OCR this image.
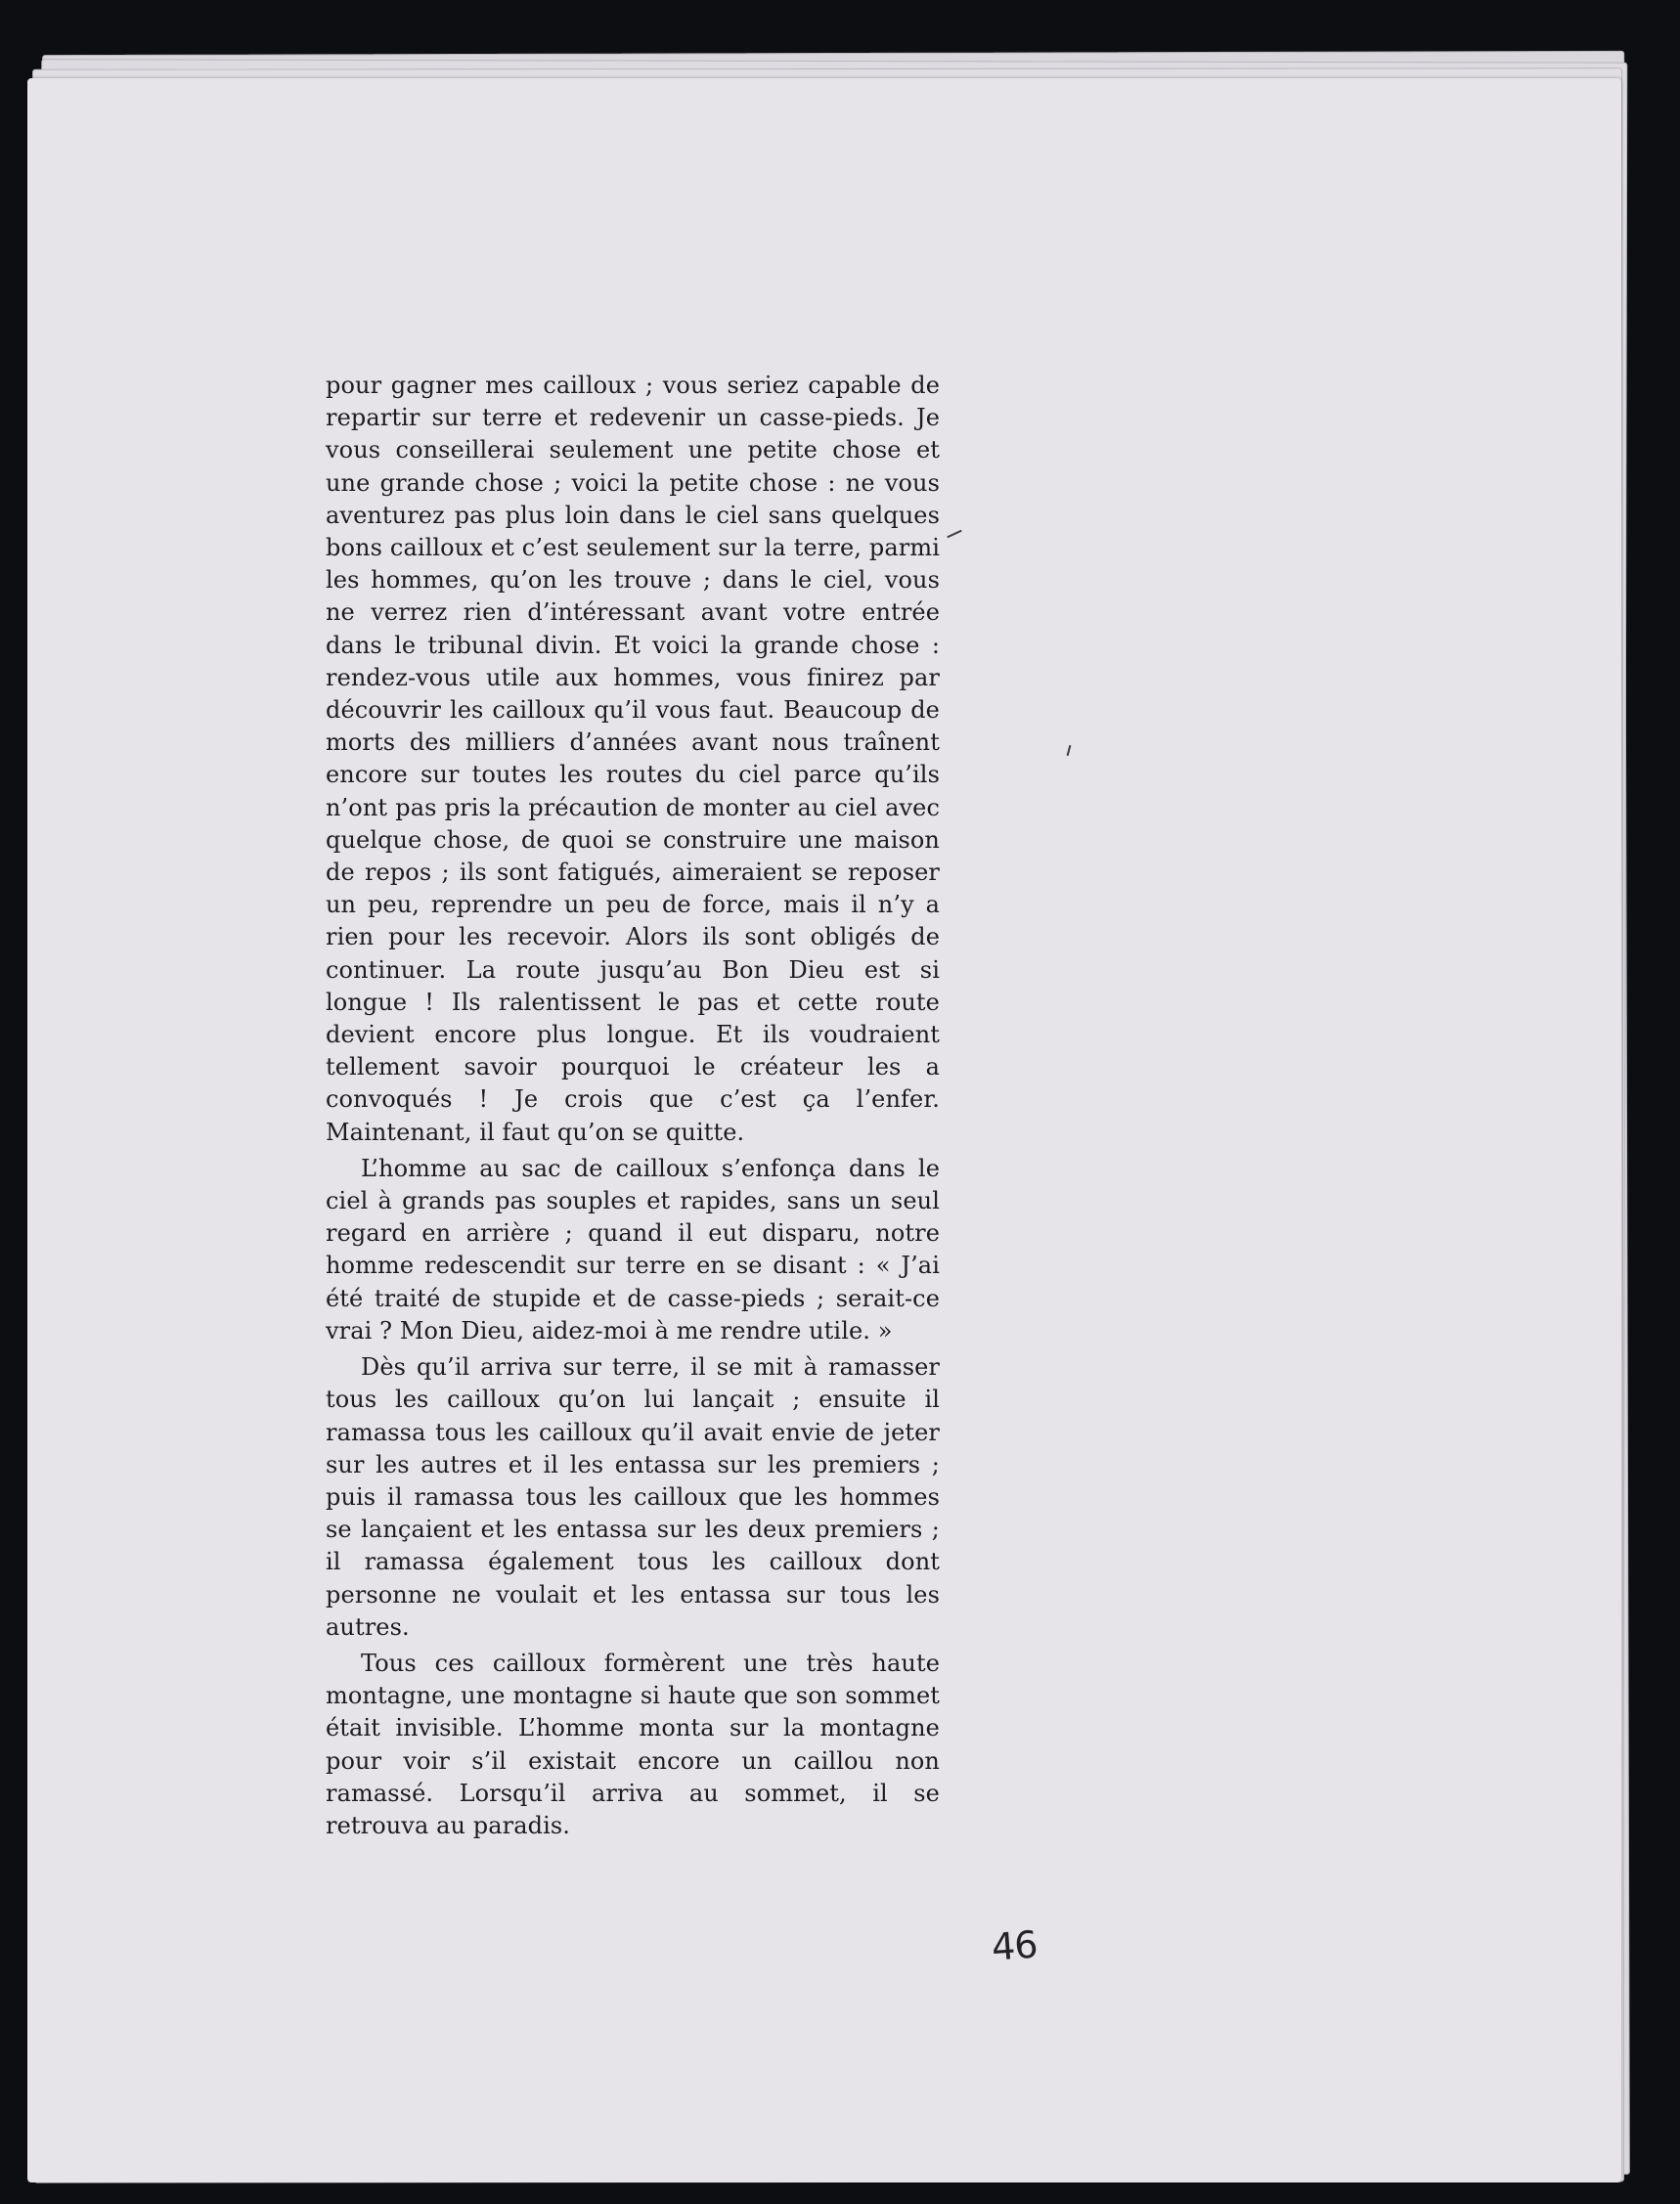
pour gagner mes cailloux ; vous seriez capable de repartir sur terre et redevenir un casse-pieds. Je vous conseillerai seulement une petite chose et une grande chose ; voici la petite chose : ne vous aventurez pas plus loin dans le ciel sans quelques bons cailloux et c’est seulement sur la terre, parmi les hommes, qu’on les trouve ; dans le ciel, vous ne verrez rien d’intéressant avant votre entrée dans le tribunal divin. Et voici la grande chose : rendez-vous utile aux hommes, vous finirez par découvrir les cailloux qu’il vous faut. Beaucoup de morts des milliers d’années avant nous traînent encore sur toutes les routes du ciel parce qu’ils n’ont pas pris la précaution de monter au ciel avec quelque chose, de quoi se construire une maison de repos ; ils sont fatigués, aimeraient se reposer un peu, reprendre un peu de force, mais il n’y a rien pour les recevoir. Alors ils sont obligés de continuer. La route jusqu’au Bon Dieu est si longue ! Ils ralentissent le pas et cette route devient encore plus longue. Et ils voudraient tellement savoir pourquoi le créateur les a convoqués ! Je crois que c’est ça l’enfer. Maintenant, il faut qu’on se quitte.

L’homme au sac de cailloux s’enfonça dans le ciel à grands pas souples et rapides, sans un seul regard en arrière ; quand il eut disparu, notre homme redescendit sur terre en se disant : « J’ai été traité de stupide et de casse-pieds ; serait-ce vrai ? Mon Dieu, aidez-moi à me rendre utile. »

Dès qu’il arriva sur terre, il se mit à ramasser tous les cailloux qu’on lui lançait ; ensuite il ramassa tous les cailloux qu’il avait envie de jeter sur les autres et il les entassa sur les premiers ; puis il ramassa tous les cailloux que les hommes se lançaient et les entassa sur les deux premiers ; il ramassa également tous les cailloux dont personne ne voulait et les entassa sur tous les autres.

Tous ces cailloux formèrent une très haute montagne, une montagne si haute que son sommet était invisible. L’homme monta sur la montagne pour voir s’il existait encore un caillou non ramassé. Lorsqu’il arriva au sommet, il se retrouva au paradis.

46
